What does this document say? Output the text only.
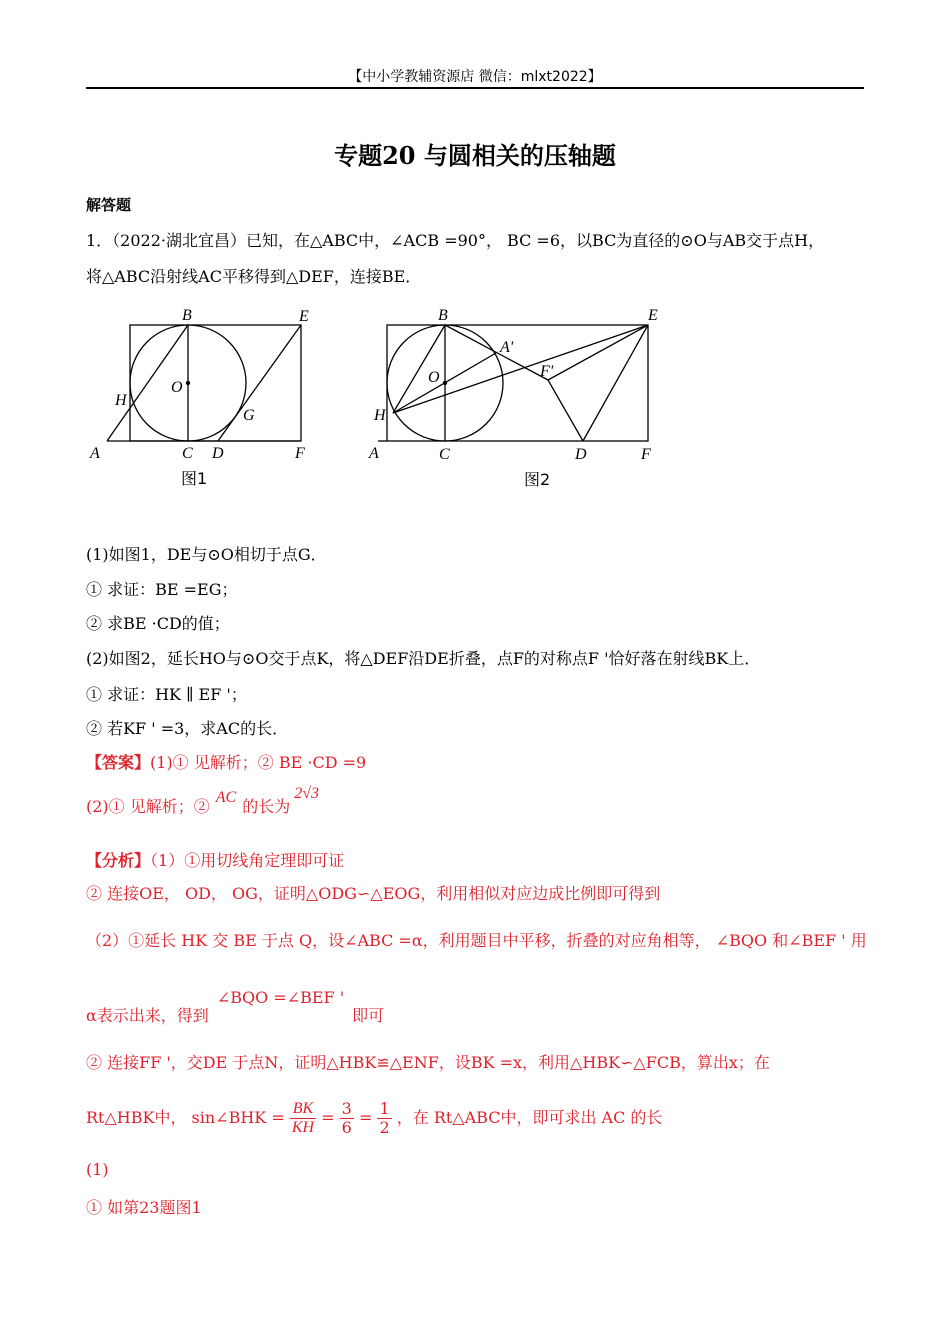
【中小学教辅资源店 微信：mlxt2022】
专题20 与圆相关的压轴题
解答题
1．（2022·湖北宜昌）已知，在△ABC中，∠ACB =90°， BC =6，以BC为直径的⊙O与AB交于点H，
将△ABC沿射线AC平移得到△DEF，连接BE．
B	E
O
H
G
A	C D	F
图1
B	E
A'
F'
O
H
A	C	D	F
图2
(1)如图1，DE与⊙O相切于点G．
① 求证：BE =EG；
② 求BE ·CD的值；
(2)如图2，延长HO与⊙O交于点K，将△DEF沿DE折叠，点F的对称点F '恰好落在射线BK上．
① 求证：HK ∥ EF '；
② 若KF ' =3，求AC的长．
【答案】(1)① 见解析；② BE ·CD =9
(2)① 见解析；② AC 的长为2√3
【分析】（1）①用切线角定理即可证
② 连接OE， OD， OG，证明△ODG∽△EOG，利用相似对应边成比例即可得到
（2）①延长 HK 交 BE 于点 Q，设∠ABC =α，利用题目中平移，折叠的对应角相等， ∠BQO 和∠BEF ' 用
α表示出来，得到∠BQO =∠BEF '即可
② 连接FF '，交DE 于点N，证明△HBK≌△ENF，设BK =x，利用△HBK∽△FCB，算出x；在
Rt△HBK中， sin∠BHK = $\frac{BK}{KH} = \frac{3}{6} = \frac{1}{2}$ ，在 Rt△ABC中，即可求出 AC 的长
(1)
① 如第23题图1
